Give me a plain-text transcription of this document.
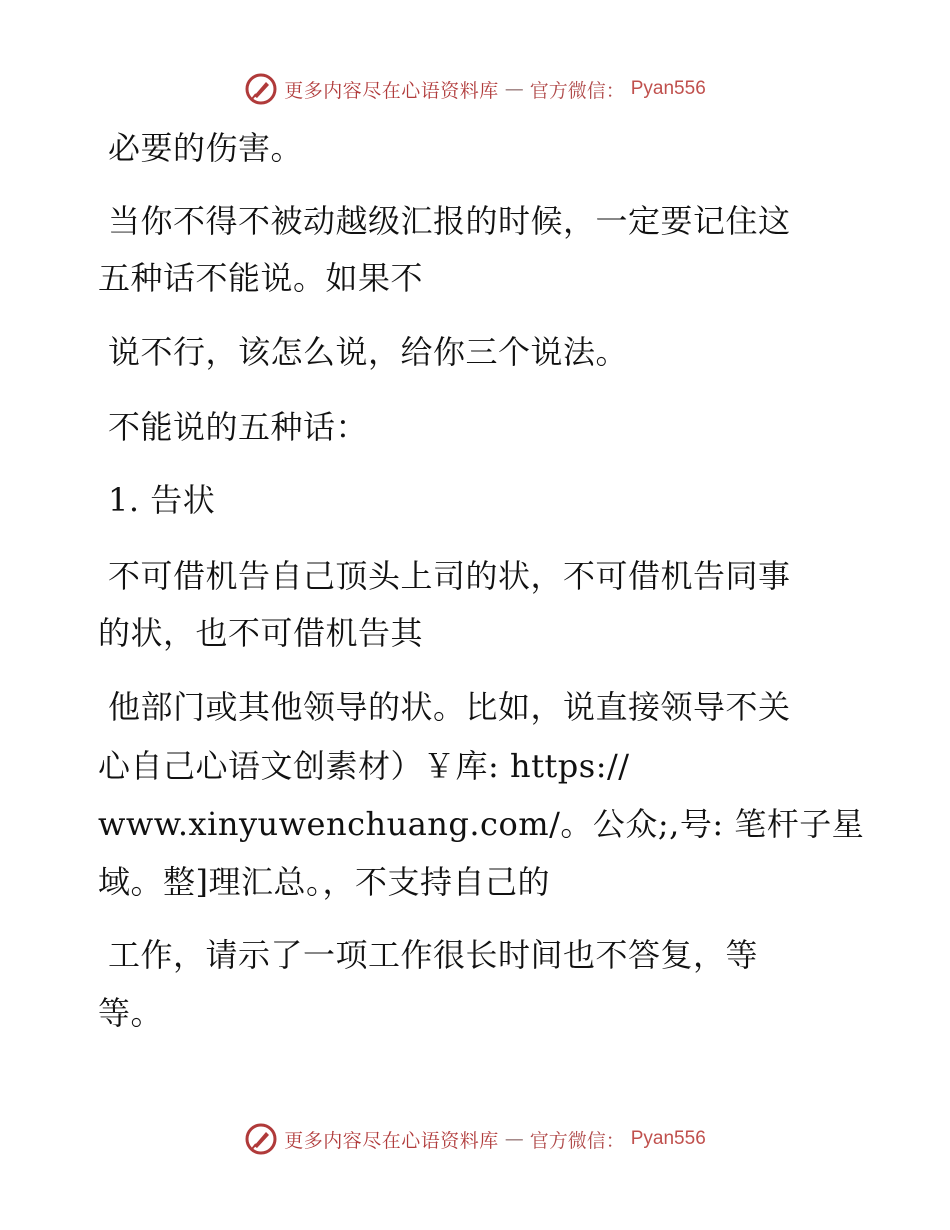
更多内容尽在心语资料库 — 官方微信： Pyan556
必要的伤害。
当你不得不被动越级汇报的时候，一定要记住这
五种话不能说。如果不
说不行，该怎么说，给你三个说法。
不能说的五种话：
1. 告状
不可借机告自己顶头上司的状，不可借机告同事
的状，也不可借机告其
他部门或其他领导的状。比如，说直接领导不关
心自己心语文创素材）￥库: https://
www.xinyuwenchuang.com/。公众;,号: 笔杆子星
域。整]理汇总。，不支持自己的
工作，请示了一项工作很长时间也不答复，等
等。
更多内容尽在心语资料库 — 官方微信： Pyan556
